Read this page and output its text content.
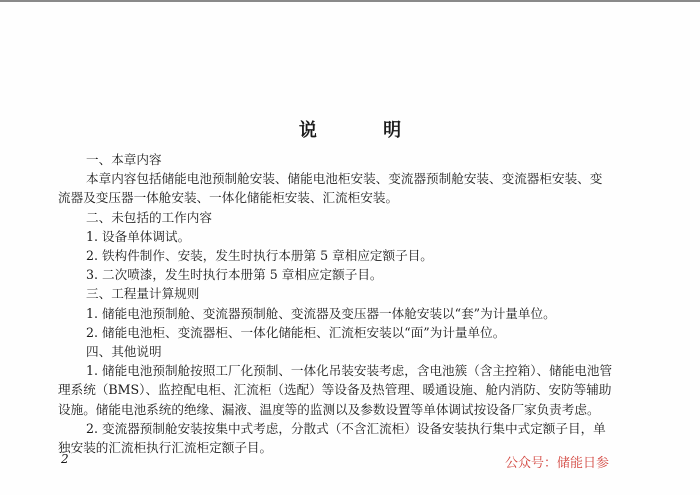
说 明
一、本章内容

本章内容包括储能电池预制舱安装、储能电池柜安装、变流器预制舱安装、变流器柜安装、变流器及变压器一体舱安装、一体化储能柜安装、汇流柜安装。

二、未包括的工作内容

1. 设备单体调试。

2. 铁构件制作、安装，发生时执行本册第 5 章相应定额子目。

3. 二次喷漆，发生时执行本册第 5 章相应定额子目。

三、工程量计算规则

1. 储能电池预制舱、变流器预制舱、变流器及变压器一体舱安装以“套”为计量单位。

2. 储能电池柜、变流器柜、一体化储能柜、汇流柜安装以“面”为计量单位。

四、其他说明

1. 储能电池预制舱按照工厂化预制、一体化吊装安装考虑，含电池簇（含主控箱）、储能电池管理系统（BMS）、监控配电柜、汇流柜（选配）等设备及热管理、暖通设施、舱内消防、安防等辅助设施。储能电池系统的绝缘、漏液、温度等的监测以及参数设置等单体调试按设备厂家负责考虑。

2. 变流器预制舱安装按集中式考虑，分散式（不含汇流柜）设备安装执行集中式定额子目，单独安装的汇流柜执行汇流柜定额子目。

2	公众号：储能日参
